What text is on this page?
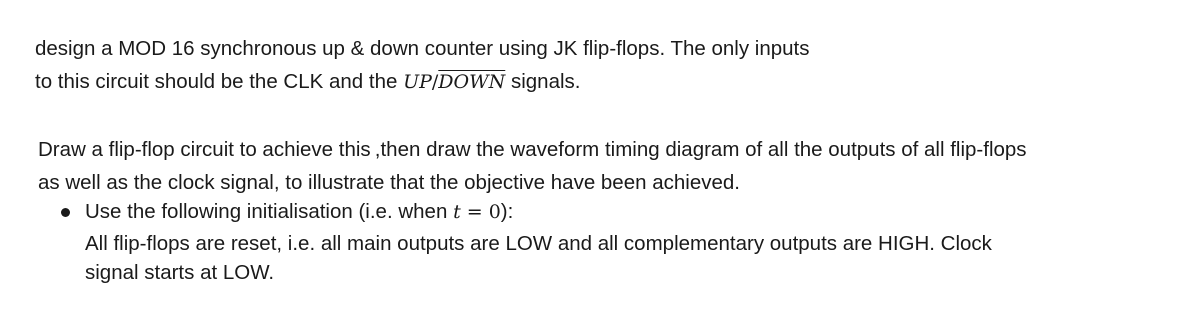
design a MOD 16 synchronous up & down counter using JK flip-flops. The only inputs
to this circuit should be the CLK and the UP/DOWN signals.
Draw a flip-flop circuit to achieve this ,then draw the waveform timing diagram of all the outputs of all flip-flops
as well as the clock signal, to illustrate that the objective have been achieved.
Use the following initialisation (i.e. when t = 0):
All flip-flops are reset, i.e. all main outputs are LOW and all complementary outputs are HIGH. Clock
signal starts at LOW.
